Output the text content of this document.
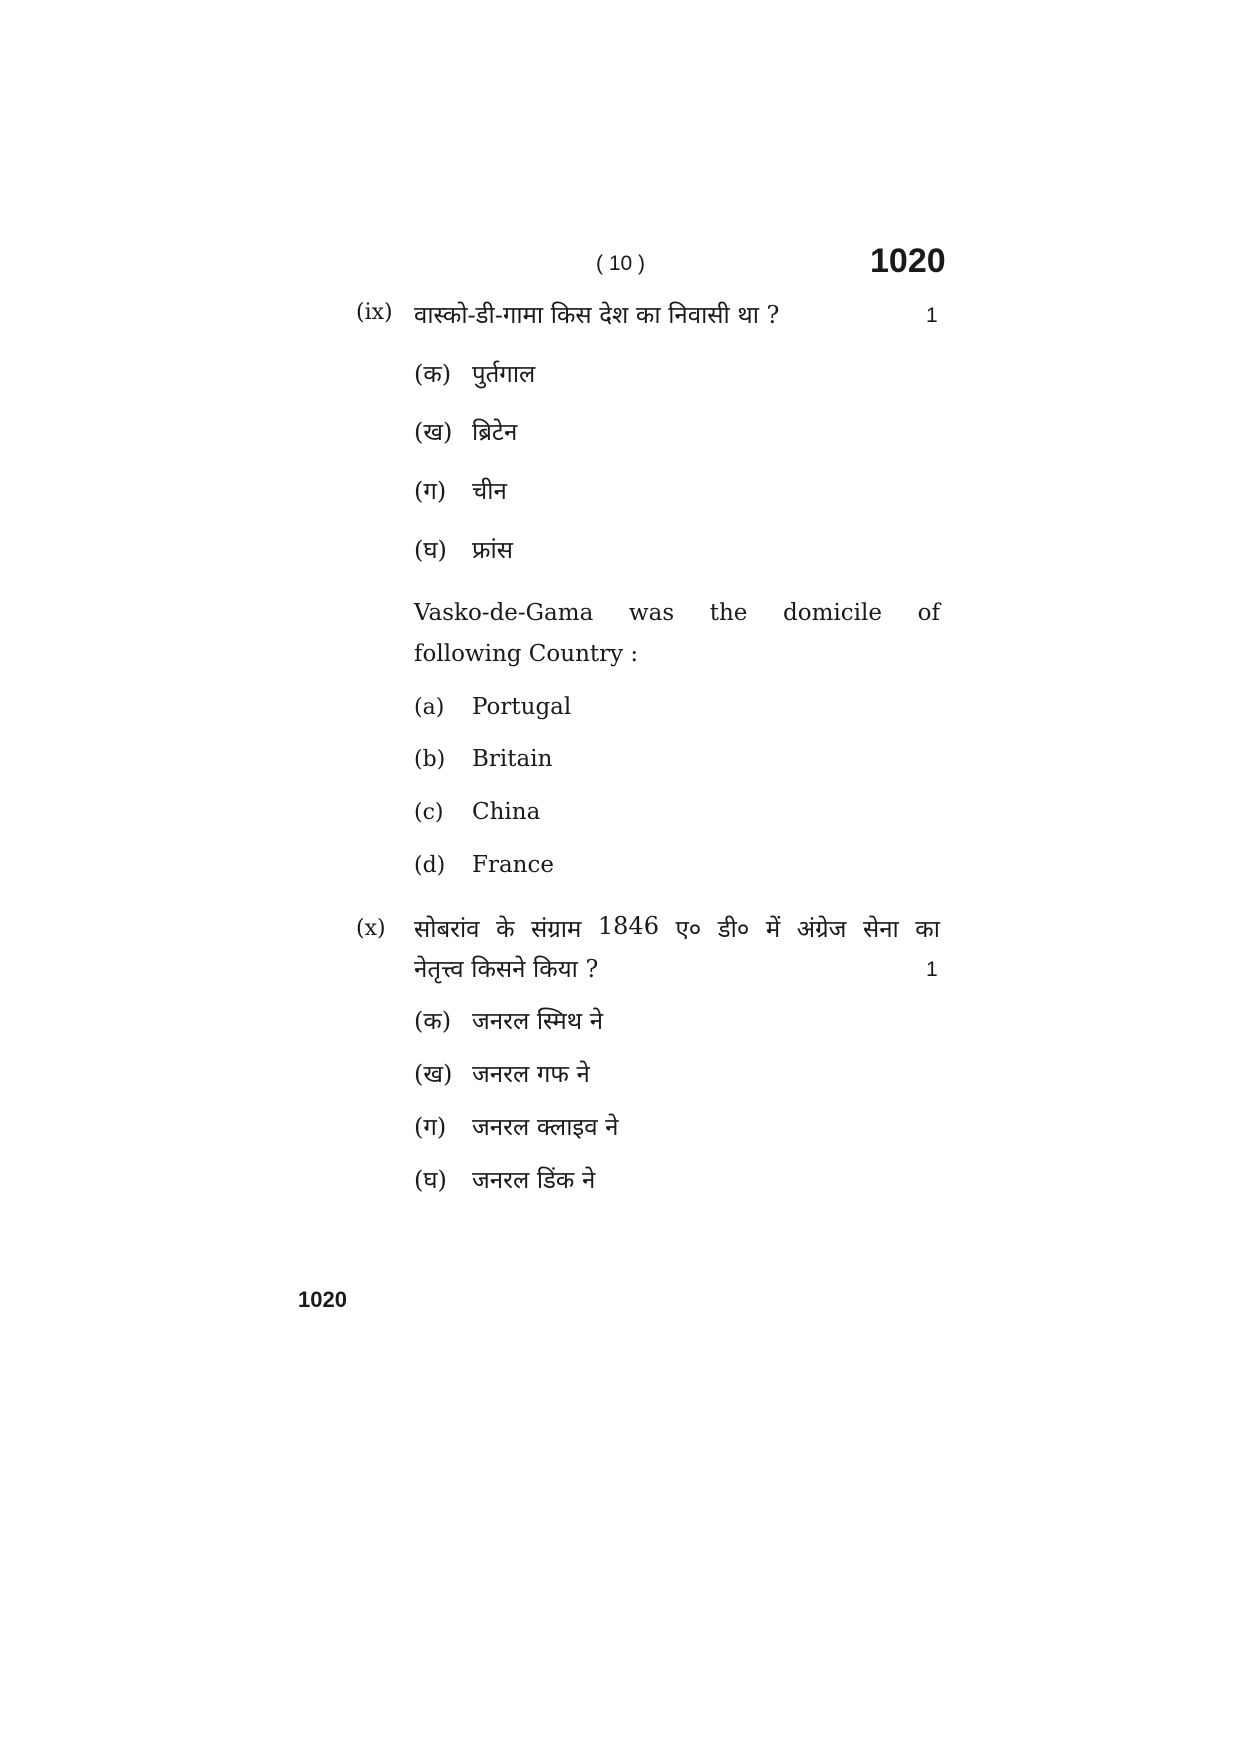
( 10 )	1020
(ix) वास्को-डी-गामा किस देश का निवासी था ?	1
(क) पुर्तगाल
(ख) ब्रिटेन
(ग) चीन
(घ) फ्रांस
Vasko-de-Gama was the domicile of
following Country :
(a) Portugal
(b) Britain
(c) China
(d) France
(x) सोबरांव के संग्राम 1846 ए० डी० में अंग्रेज सेना का
नेतृत्त्व किसने किया ?	1
(क) जनरल स्मिथ ने
(ख) जनरल गफ ने
(ग) जनरल क्लाइव ने
(घ) जनरल डिंक ने
1020
